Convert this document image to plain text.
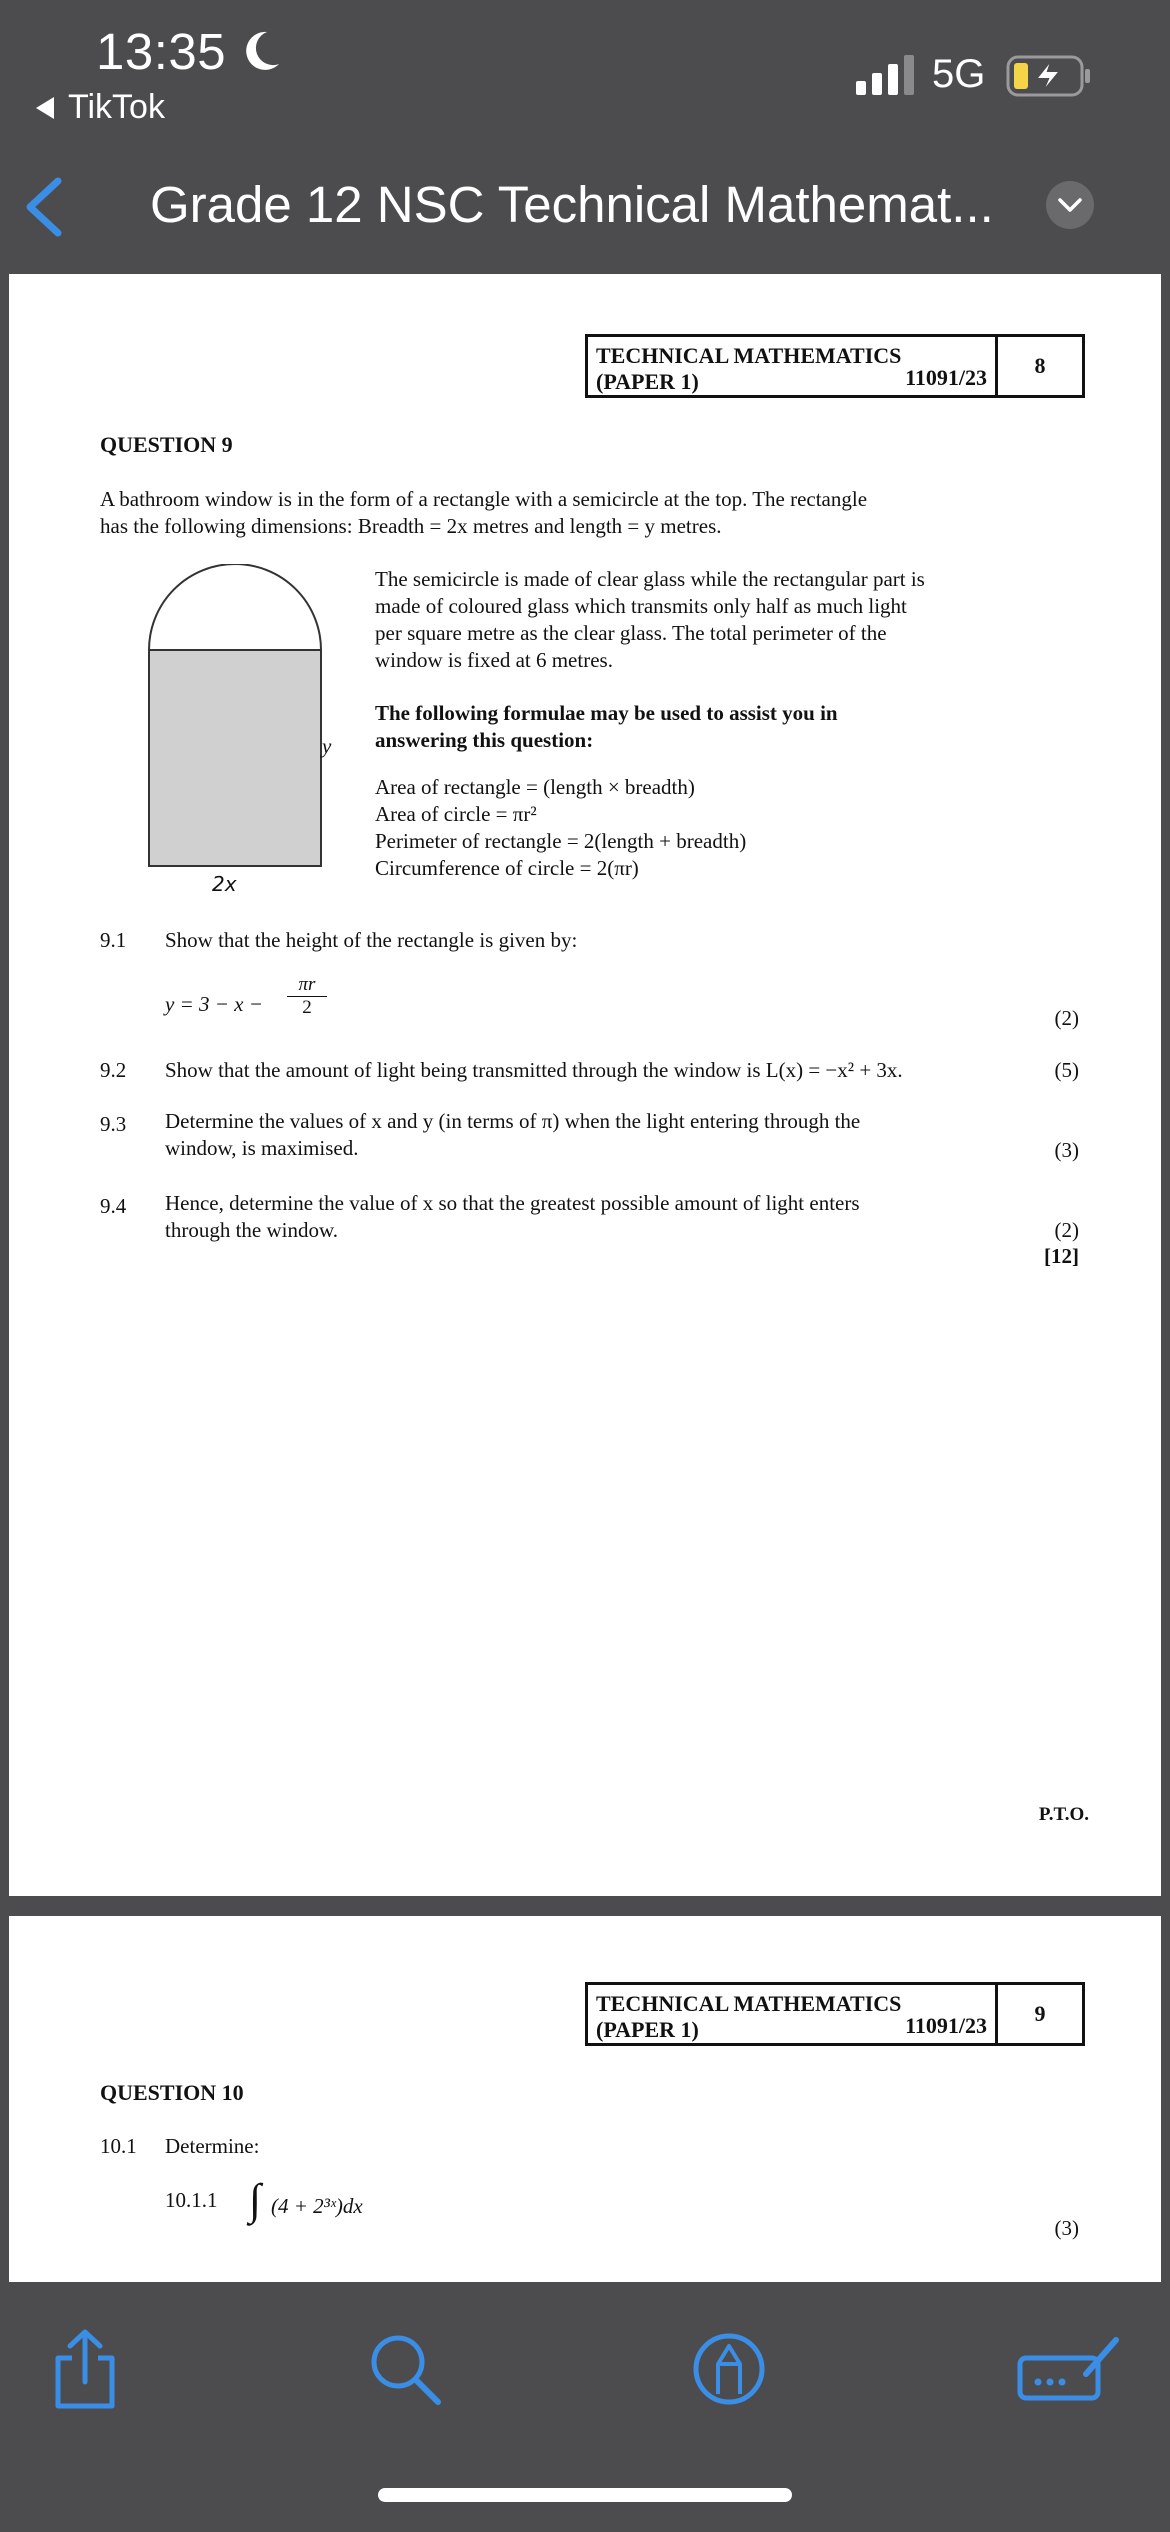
13:35
TikTok
5G
Grade 12 NSC Technical Mathemat...
TECHNICAL MATHEMATICS
(PAPER 1)	11091/23	8
QUESTION 9
A bathroom window is in the form of a rectangle with a semicircle at the top. The rectangle
has the following dimensions: Breadth = 2x metres and length = y metres.
y
2x
The semicircle is made of clear glass while the rectangular part is
made of coloured glass which transmits only half as much light
per square metre as the clear glass. The total perimeter of the
window is fixed at 6 metres.
The following formulae may be used to assist you in
answering this question:
Area of rectangle = (length × breadth)
Area of circle = πr²
Perimeter of rectangle = 2(length + breadth)
Circumference of circle = 2(πr)
9.1 Show that the height of the rectangle is given by:
$y = 3 - x - \frac{\pi r}{2}$	(2)
9.2 Show that the amount of light being transmitted through the window is L(x) = −x² + 3x.	(5)
9.3 Determine the values of x and y (in terms of π) when the light entering through the
window, is maximised.	(3)
9.4 Hence, determine the value of x so that the greatest possible amount of light enters
through the window.	(2)
[12]
P.T.O.
TECHNICAL MATHEMATICS
(PAPER 1)	11091/23	9
QUESTION 10
10.1 Determine:
10.1.1 ∫ (4 + 2³ˣ)dx
(3)
